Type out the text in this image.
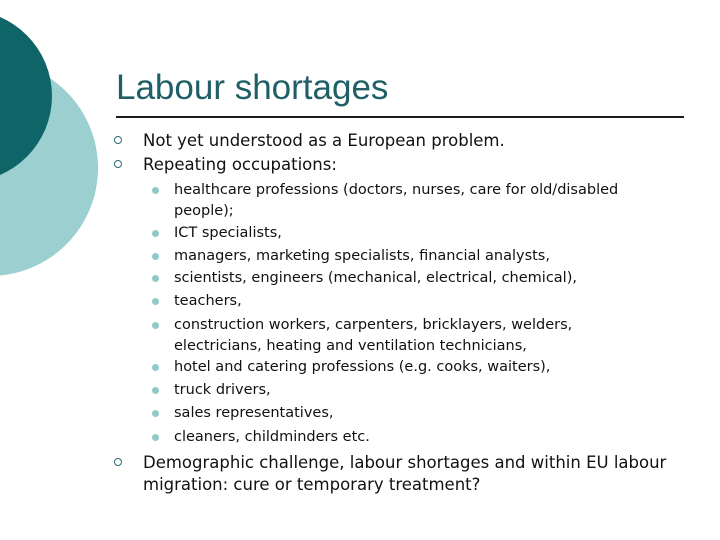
Labour shortages
Not yet understood as a European problem.
Repeating occupations:
healthcare professions (doctors, nurses, care for old/disabled people);
ICT specialists,
managers, marketing specialists, financial analysts,
scientists, engineers (mechanical, electrical, chemical),
teachers,
construction workers, carpenters, bricklayers, welders, electricians, heating and ventilation technicians,
hotel and catering professions (e.g. cooks, waiters),
truck drivers,
sales representatives,
cleaners, childminders etc.
Demographic challenge, labour shortages and within EU labour migration: cure or temporary treatment?
